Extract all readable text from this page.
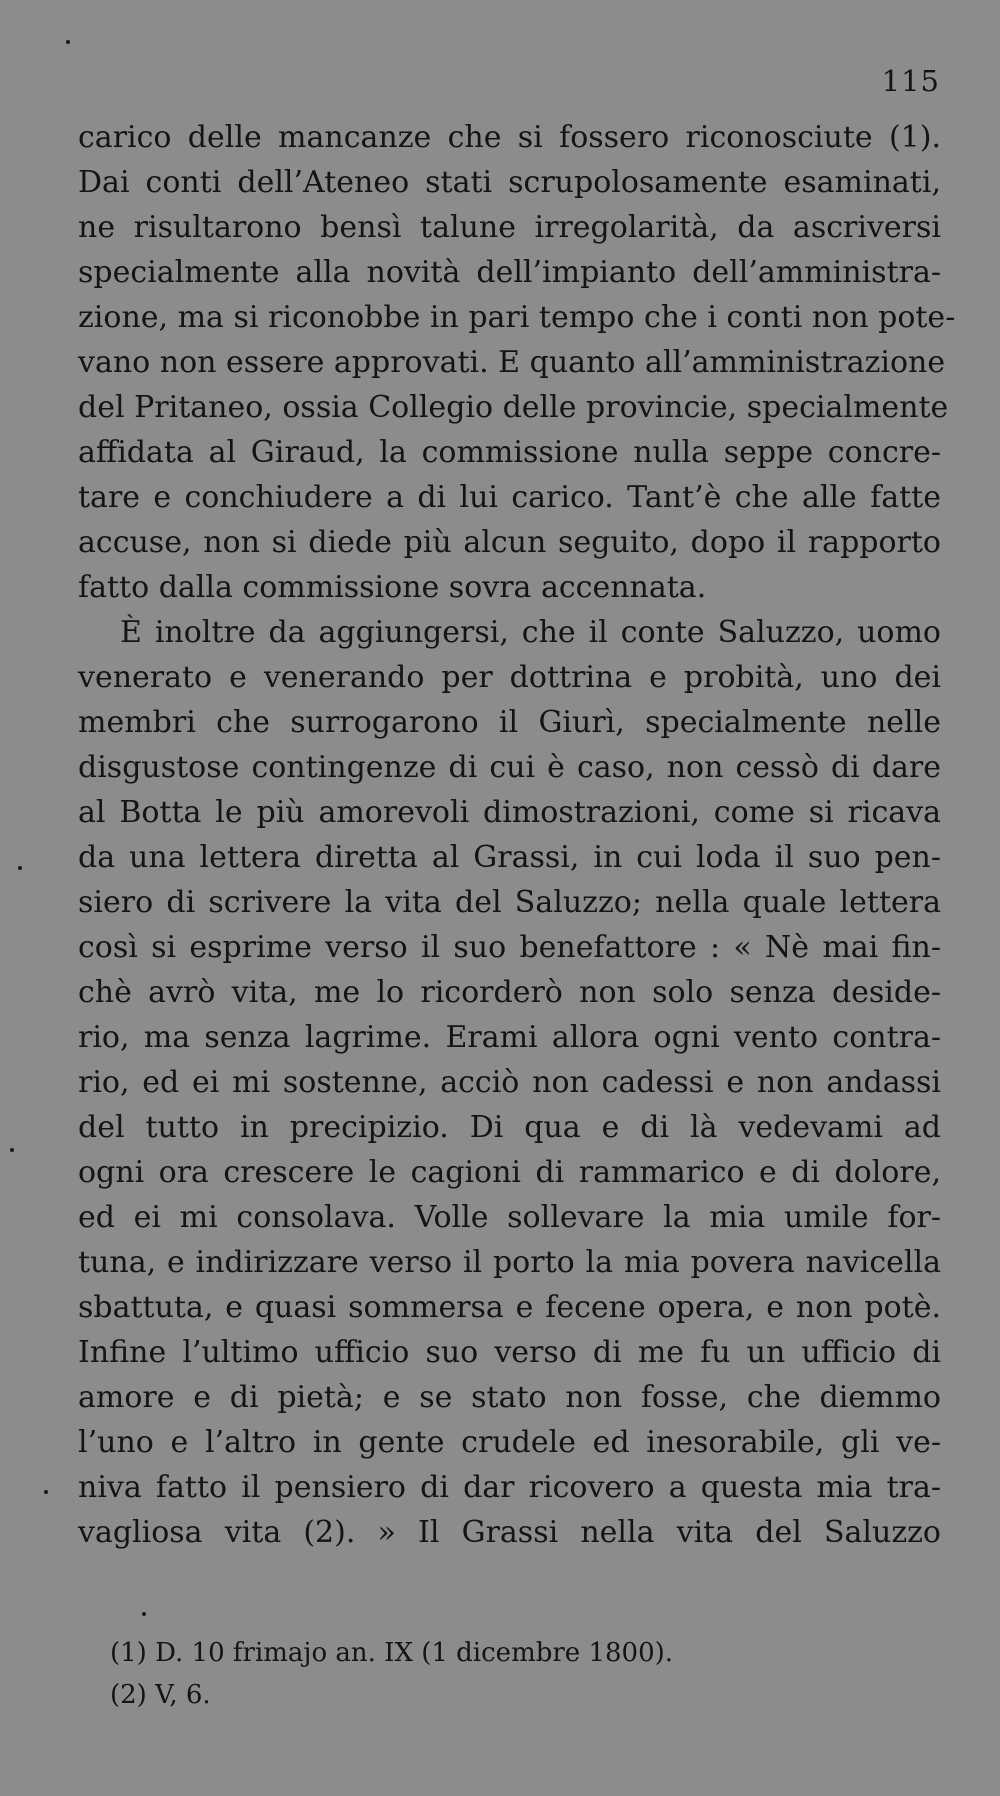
115
carico delle mancanze che si fossero riconosciute (1).
Dai conti dell’Ateneo stati scrupolosamente esaminati,
ne risultarono bensì talune irregolarità, da ascriversi
specialmente alla novità dell’impianto dell’amministra-
zione, ma si riconobbe in pari tempo che i conti non pote-
vano non essere approvati. E quanto all’amministrazione
del Pritaneo, ossia Collegio delle provincie, specialmente
affidata al Giraud, la commissione nulla seppe concre-
tare e conchiudere a di lui carico. Tant’è che alle fatte
accuse, non si diede più alcun seguito, dopo il rapporto
fatto dalla commissione sovra accennata.
È inoltre da aggiungersi, che il conte Saluzzo, uomo
venerato e venerando per dottrina e probità, uno dei
membri che surrogarono il Giurì, specialmente nelle
disgustose contingenze di cui è caso, non cessò di dare
al Botta le più amorevoli dimostrazioni, come si ricava
da una lettera diretta al Grassi, in cui loda il suo pen-
siero di scrivere la vita del Saluzzo; nella quale lettera
così si esprime verso il suo benefattore : « Nè mai fin-
chè avrò vita, me lo ricorderò non solo senza deside-
rio, ma senza lagrime. Erami allora ogni vento contra-
rio, ed ei mi sostenne, acciò non cadessi e non andassi
del tutto in precipizio. Di qua e di là vedevami ad
ogni ora crescere le cagioni di rammarico e di dolore,
ed ei mi consolava. Volle sollevare la mia umile for-
tuna, e indirizzare verso il porto la mia povera navicella
sbattuta, e quasi sommersa e fecene opera, e non potè.
Infine l’ultimo ufficio suo verso di me fu un ufficio di
amore e di pietà; e se stato non fosse, che diemmo
l’uno e l’altro in gente crudele ed inesorabile, gli ve-
niva fatto il pensiero di dar ricovero a questa mia tra-
vagliosa vita (2). » Il Grassi nella vita del Saluzzo
(1) D. 10 frimajo an. IX (1 dicembre 1800).
(2) V, 6.
